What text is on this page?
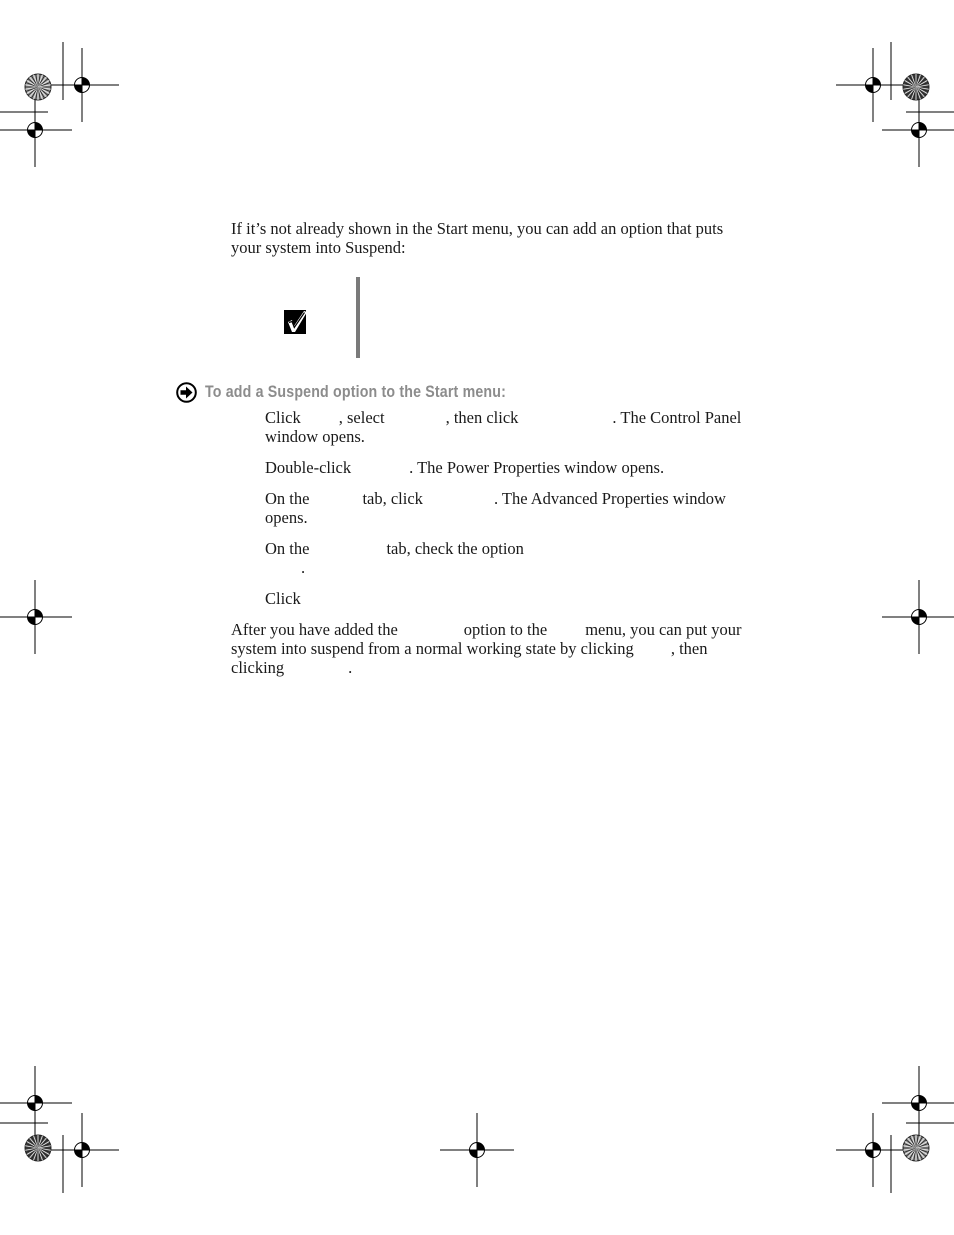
If it’s not already shown in the Start menu, you can add an option that puts
your system into Suspend:

To add a Suspend option to the Start menu:

Click , select	, then click	. The Control Panel
window opens.

Double-click	. The Power Properties window opens.

On the	tab, click	. The Advanced Properties window
opens.

On the	tab, check the option
.

Click

After you have added the	option to the menu, you can put your
system into suspend from a normal working state by clicking , then
clicking	.
